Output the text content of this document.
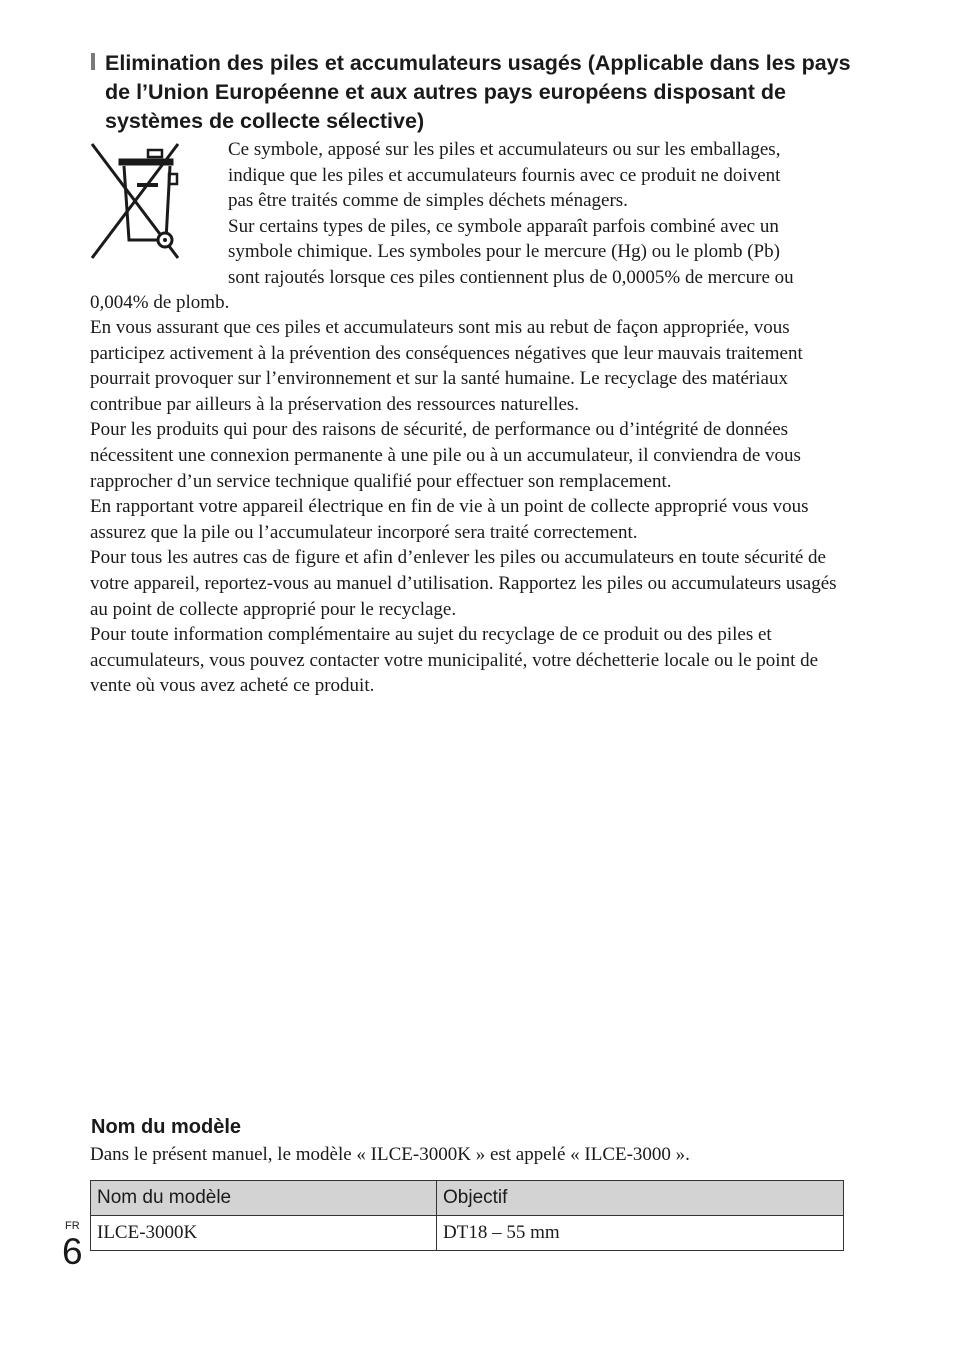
Elimination des piles et accumulateurs usagés (Applicable dans les pays de l’Union Européenne et aux autres pays européens disposant de systèmes de collecte sélective)

Ce symbole, apposé sur les piles et accumulateurs ou sur les emballages,

indique que les piles et accumulateurs fournis avec ce produit ne doivent

pas être traités comme de simples déchets ménagers.

Sur certains types de piles, ce symbole apparaît parfois combiné avec un

symbole chimique. Les symboles pour le mercure (Hg) ou le plomb (Pb)

sont rajoutés lorsque ces piles contiennent plus de 0,0005% de mercure ou

0,004% de plomb.

En vous assurant que ces piles et accumulateurs sont mis au rebut de façon appropriée, vous participez activement à la prévention des conséquences négatives que leur mauvais traitement pourrait provoquer sur l’environnement et sur la santé humaine. Le recyclage des matériaux contribue par ailleurs à la préservation des ressources naturelles.

Pour les produits qui pour des raisons de sécurité, de performance ou d’intégrité de données nécessitent une connexion permanente à une pile ou à un accumulateur, il conviendra de vous rapprocher d’un service technique qualifié pour effectuer son remplacement.

En rapportant votre appareil électrique en fin de vie à un point de collecte approprié vous vous assurez que la pile ou l’accumulateur incorporé sera traité correctement.

Pour tous les autres cas de figure et afin d’enlever les piles ou accumulateurs en toute sécurité de votre appareil, reportez-vous au manuel d’utilisation. Rapportez les piles ou accumulateurs usagés au point de collecte approprié pour le recyclage.

Pour toute information complémentaire au sujet du recyclage de ce produit ou des piles et accumulateurs, vous pouvez contacter votre municipalité, votre déchetterie locale ou le point de vente où vous avez acheté ce produit.

Nom du modèle

Dans le présent manuel, le modèle « ILCE-3000K » est appelé « ILCE-3000 ».

Nom du modèle	Objectif
ILCE-3000K	DT18 – 55 mm
FR
6
